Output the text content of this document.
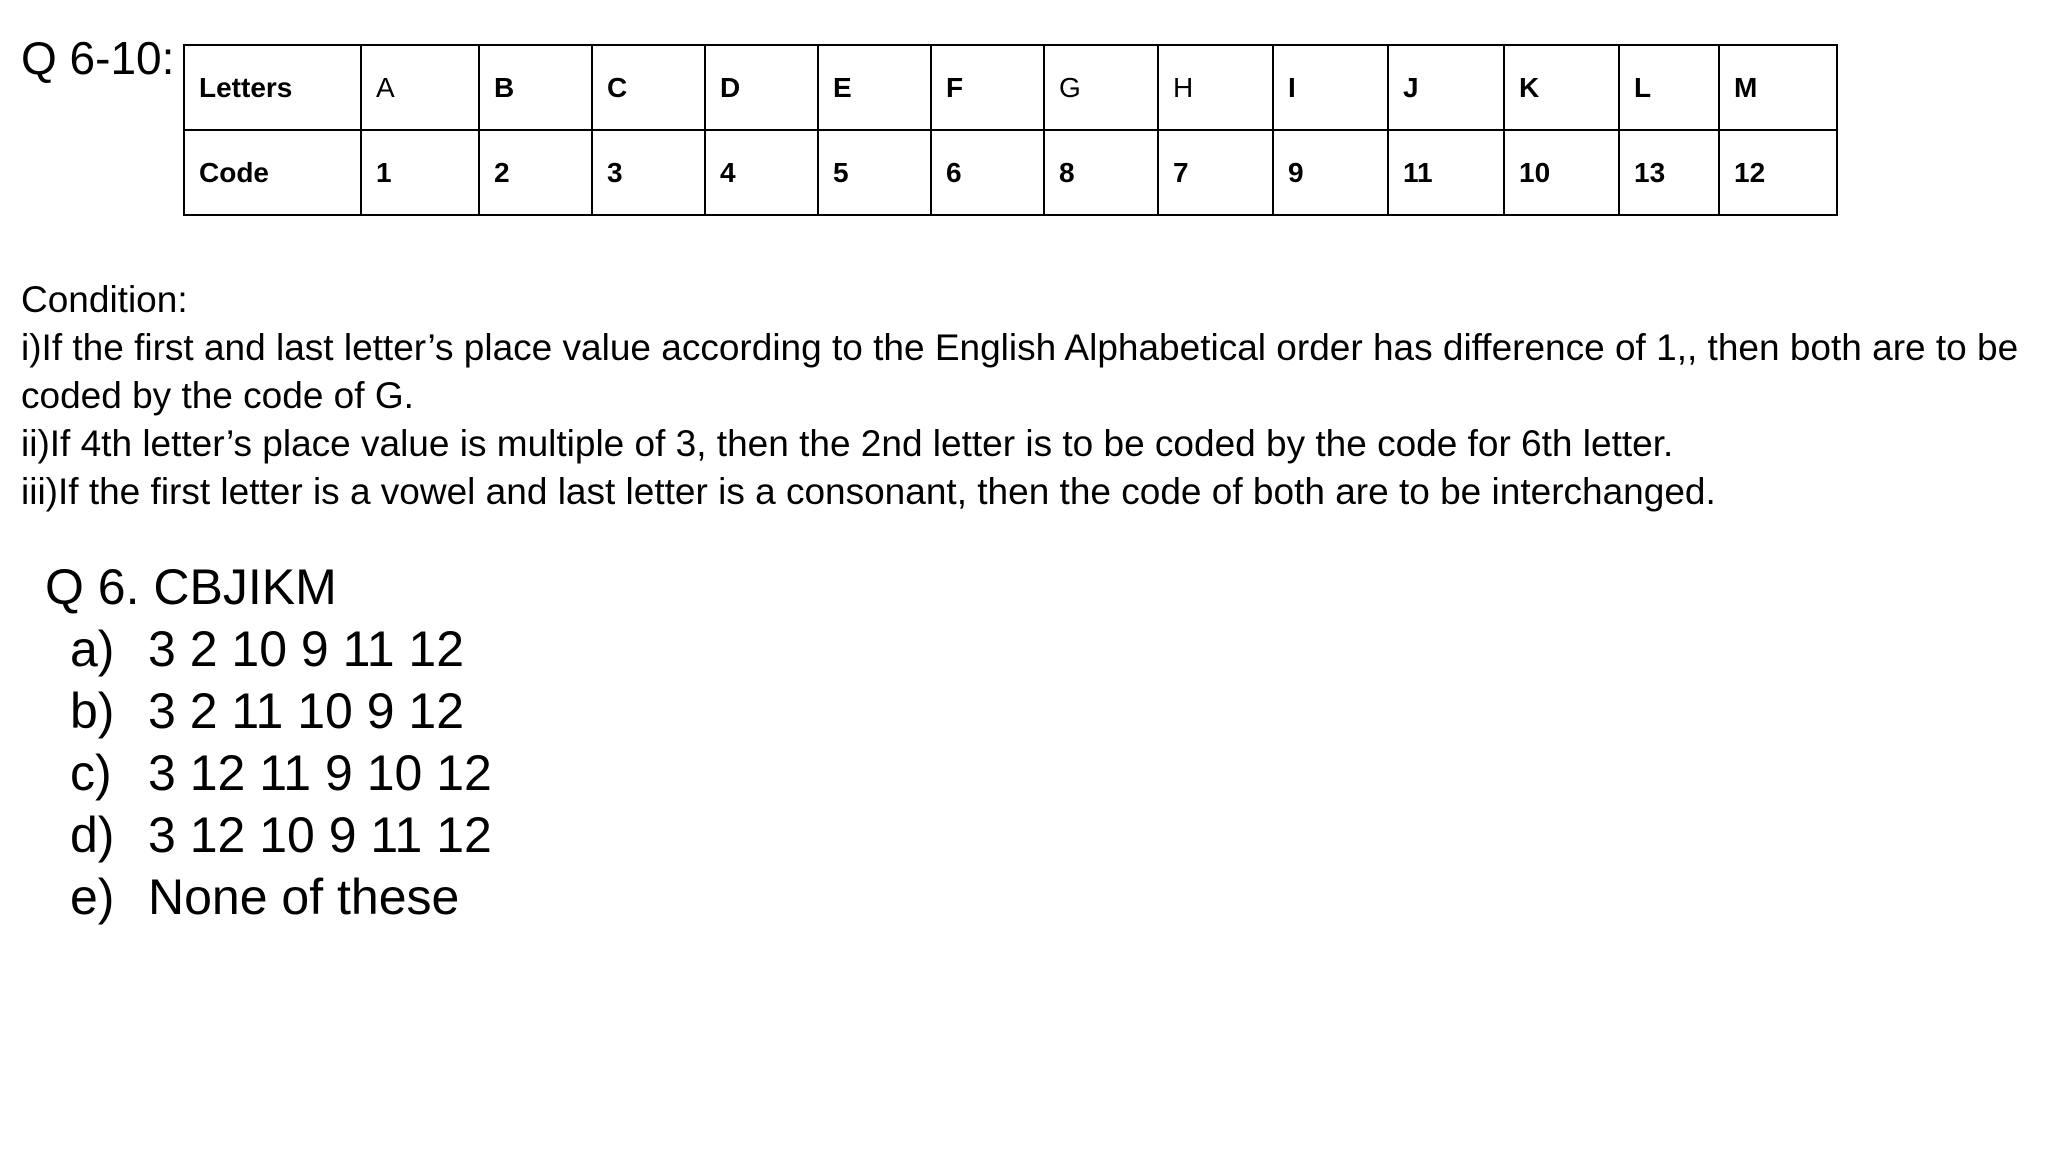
Q 6-10:
Letters	A	B	C	D	E	F	G	H	I	J	K	L	M
Code	1	2	3	4	5	6	8	7	9	11	10	13	12

Condition:

i)If the first and last letter’s place value according to the English Alphabetical order has difference of 1,, then both are to be coded by the code of G.

ii)If 4th letter’s place value is multiple of 3, then the 2nd letter is to be coded by the code for 6th letter.

iii)If the first letter is a vowel and last letter is a consonant, then the code of both are to be interchanged.

Q 6. CBJIKM
a) 3 2 10 9 11 12
b) 3 2 11 10 9 12
c) 3 12 11 9 10 12
d) 3 12 10 9 11 12
e) None of these
